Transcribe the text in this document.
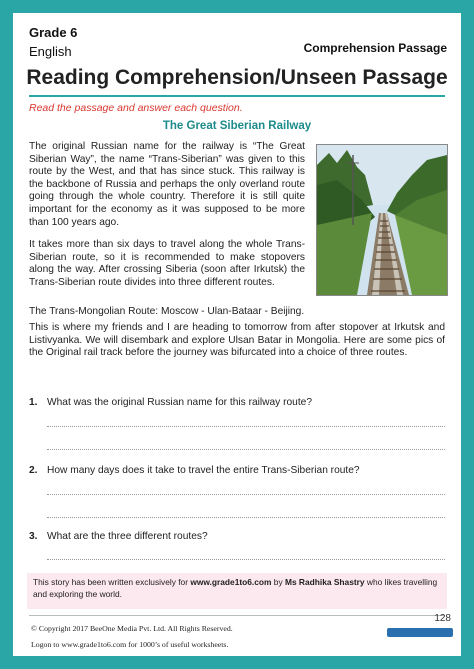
Grade 6
English	Comprehension Passage
Reading Comprehension/Unseen Passage
Read the passage and answer each question.
The Great Siberian Railway

The original Russian name for the railway is “The Great Siberian Way”, the name “Trans-Siberian” was given to this route by the West, and that has since stuck. This railway is the backbone of Russia and perhaps the only overland route going through the whole country. Therefore it is still quite important for the economy as it was supposed to be more than 100 years ago.

It takes more than six days to travel along the whole Trans-Siberian route, so it is recommended to make stopovers along the way. After crossing Siberia (soon after Irkutsk) the Trans-Siberian route divides into three different routes.

The Trans-Mongolian Route: Moscow - Ulan-Bataar - Beijing.

This is where my friends and I are heading to tomorrow from after stopover at Irkutsk and Listivyanka. We will disembark and explore Ulsan Batar in Mongolia. Here are some pics of the Original rail track before the journey was bifurcated into a choice of three routes.

1. What was the original Russian name for this railway route?
2. How many days does it take to travel the entire Trans-Siberian route?
3. What are the three different routes?
This story has been written exclusively for www.grade1to6.com by Ms Radhika Shastry who likes travelling and exploring the world.
© Copyright 2017 BeeOne Media Pvt. Ltd. All Rights Reserved.
Logon to www.grade1to6.com for 1000’s of useful worksheets.
128
